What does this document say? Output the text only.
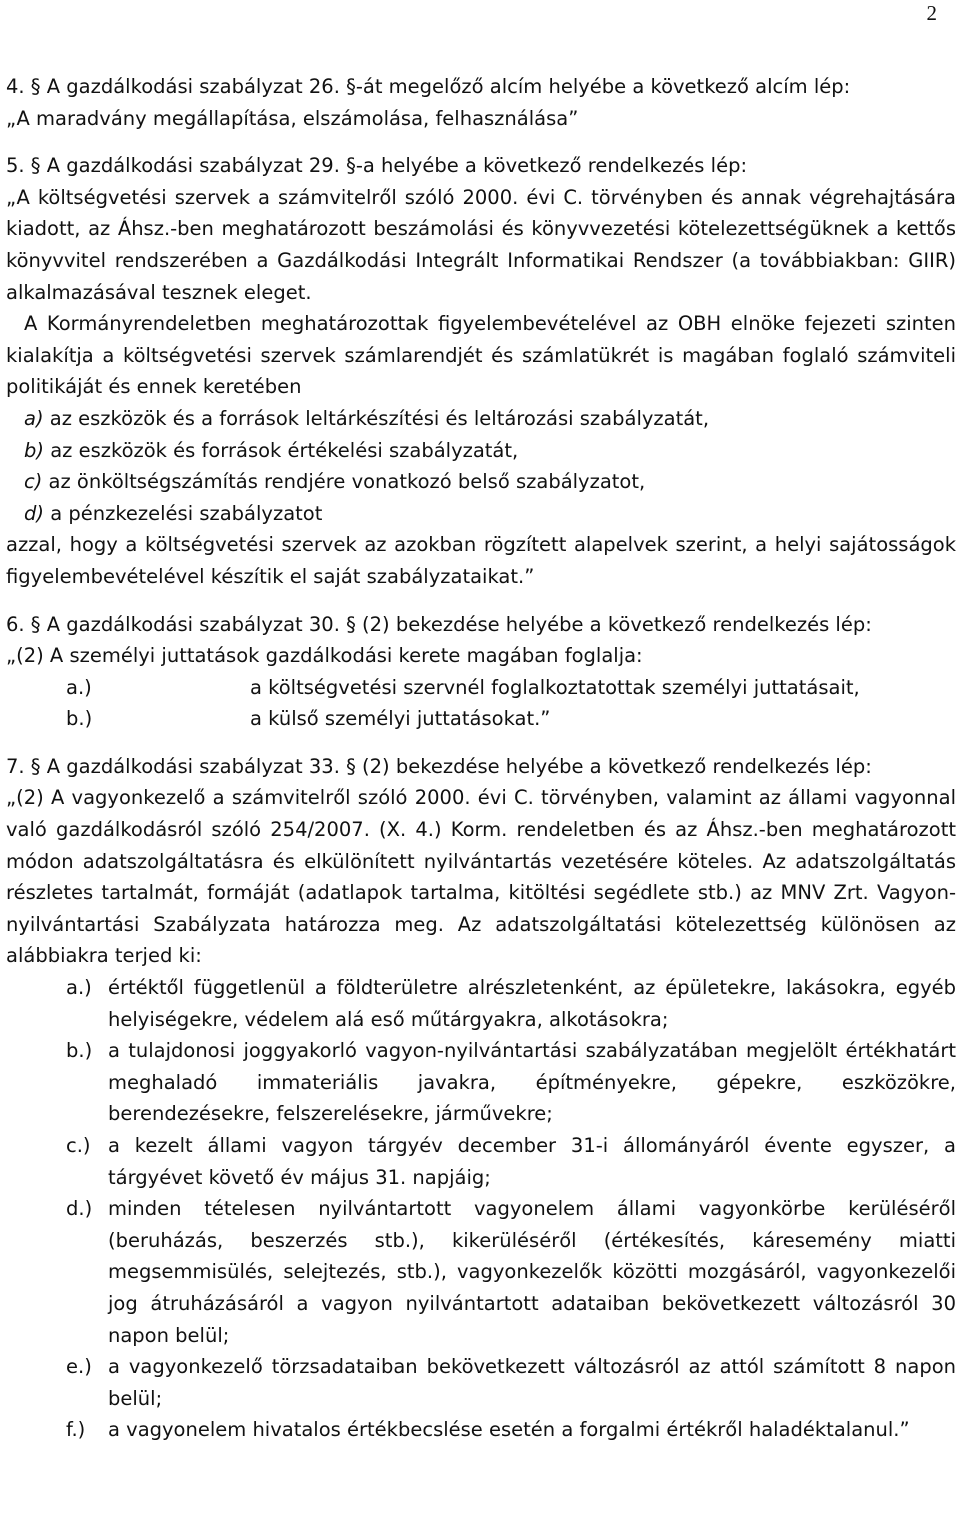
2

4. § A gazdálkodási szabályzat 26. §-át megelőző alcím helyébe a következő alcím lép:

„A maradvány megállapítása, elszámolása, felhasználása”

5. § A gazdálkodási szabályzat 29. §-a helyébe a következő rendelkezés lép:

„A költségvetési szervek a számvitelről szóló 2000. évi C. törvényben és annak végrehajtására kiadott, az Áhsz.-ben meghatározott beszámolási és könyvvezetési kötelezettségüknek a kettős könyvvitel rendszerében a Gazdálkodási Integrált Informatikai Rendszer (a továbbiakban: GIIR) alkalmazásával tesznek eleget.

A Kormányrendeletben meghatározottak figyelembevételével az OBH elnöke fejezeti szinten kialakítja a költségvetési szervek számlarendjét és számlatükrét is magában foglaló számviteli politikáját és ennek keretében

a) az eszközök és a források leltárkészítési és leltározási szabályzatát,

b) az eszközök és források értékelési szabályzatát,

c) az önköltségszámítás rendjére vonatkozó belső szabályzatot,

d) a pénzkezelési szabályzatot

azzal, hogy a költségvetési szervek az azokban rögzített alapelvek szerint, a helyi sajátosságok figyelembevételével készítik el saját szabályzataikat.”

6. § A gazdálkodási szabályzat 30. § (2) bekezdése helyébe a következő rendelkezés lép:

„(2) A személyi juttatások gazdálkodási kerete magában foglalja:

a.)	a költségvetési szervnél foglalkoztatottak személyi juttatásait,
b.)	a külső személyi juttatásokat.”

7. § A gazdálkodási szabályzat 33. § (2) bekezdése helyébe a következő rendelkezés lép:

„(2) A vagyonkezelő a számvitelről szóló 2000. évi C. törvényben, valamint az állami vagyonnal való gazdálkodásról szóló 254/2007. (X. 4.) Korm. rendeletben és az Áhsz.-ben meghatározott módon adatszolgáltatásra és elkülönített nyilvántartás vezetésére köteles. Az adatszolgáltatás részletes tartalmát, formáját (adatlapok tartalma, kitöltési segédlete stb.) az MNV Zrt. Vagyon-nyilvántartási Szabályzata határozza meg. Az adatszolgáltatási kötelezettség különösen az alábbiakra terjed ki:

a.) értéktől függetlenül a földterületre alrészletenként, az épületekre, lakásokra, egyéb helyiségekre, védelem alá eső műtárgyakra, alkotásokra;
b.) a tulajdonosi joggyakorló vagyon-nyilvántartási szabályzatában megjelölt értékhatárt meghaladó immateriális javakra, építményekre, gépekre, eszközökre, berendezésekre, felszerelésekre, járművekre;
c.) a kezelt állami vagyon tárgyév december 31-i állományáról évente egyszer, a tárgyévet követő év május 31. napjáig;
d.) minden tételesen nyilvántartott vagyonelem állami vagyonkörbe kerüléséről (beruházás, beszerzés stb.), kikerüléséről (értékesítés, káresemény miatti megsemmisülés, selejtezés, stb.), vagyonkezelők közötti mozgásáról, vagyonkezelői jog átruházásáról a vagyon nyilvántartott adataiban bekövetkezett változásról 30 napon belül;
e.) a vagyonkezelő törzsadataiban bekövetkezett változásról az attól számított 8 napon belül;
f.)	a vagyonelem hivatalos értékbecslése esetén a forgalmi értékről haladéktalanul.”
